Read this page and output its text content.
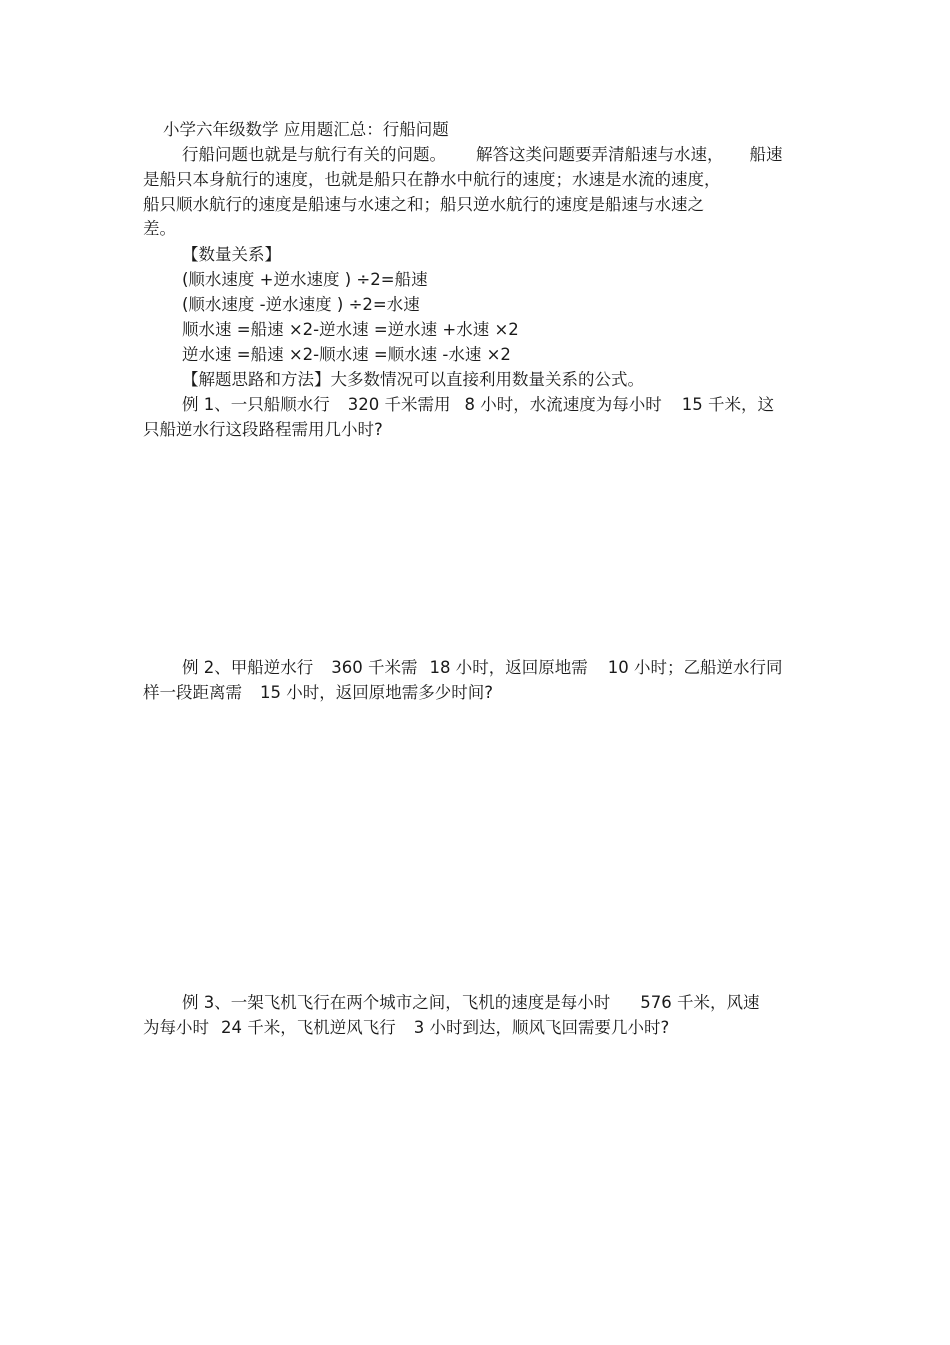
小学六年级数学 应用题汇总：行船问题
行船问题也就是与航行有关的问题。 解答这类问题要弄清船速与水速， 船速
是船只本身航行的速度，也就是船只在静水中航行的速度；水速是水流的速度，
船只顺水航行的速度是船速与水速之和；船只逆水航行的速度是船速与水速之
差。
【数量关系】
(顺水速度 +逆水速度 ) ÷2=船速
(顺水速度 -逆水速度 ) ÷2=水速
顺水速 =船速 ×2-逆水速 =逆水速 +水速 ×2
逆水速 =船速 ×2-顺水速 =顺水速 -水速 ×2
【解题思路和方法】大多数情况可以直接利用数量关系的公式。
例 1、一只船顺水行 320 千米需用 8 小时，水流速度为每小时 15 千米，这
只船逆水行这段路程需用几小时?
例 2、甲船逆水行 360 千米需 18 小时，返回原地需 10 小时；乙船逆水行同
样一段距离需 15 小时，返回原地需多少时间?
例 3、一架飞机飞行在两个城市之间，飞机的速度是每小时 576 千米，风速
为每小时 24 千米，飞机逆风飞行 3 小时到达，顺风飞回需要几小时?
